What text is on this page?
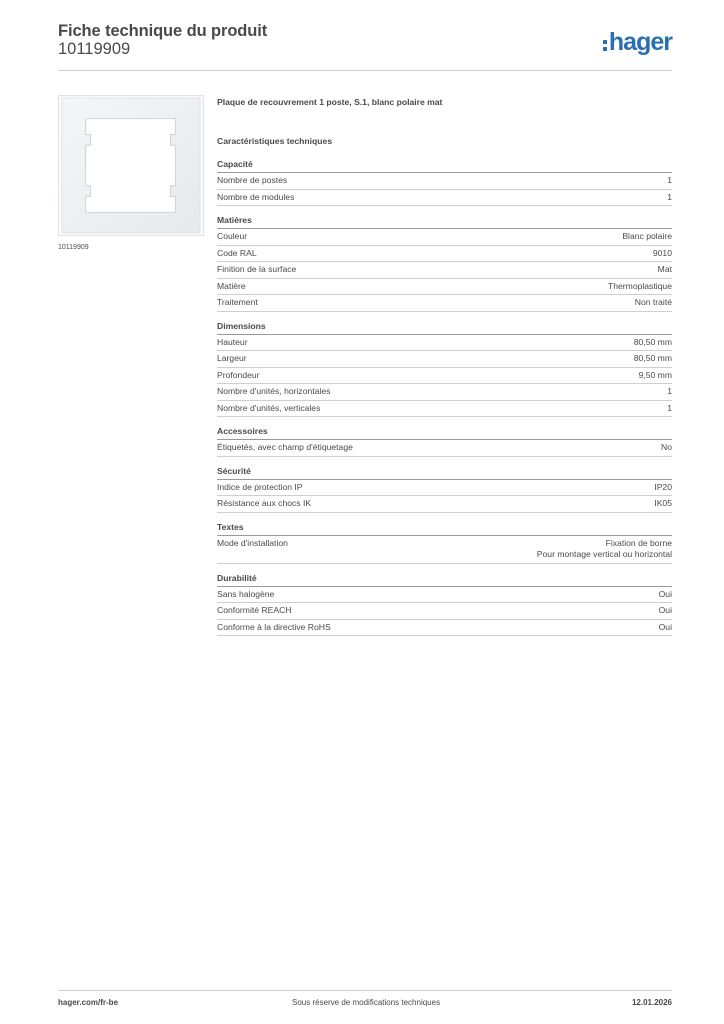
Fiche technique du produit
10119909	hager
10119909
Plaque de recouvrement 1 poste, S.1, blanc polaire mat
Caractéristiques techniques
Capacité
Nombre de postes	1
Nombre de modules	1
Matières
Couleur	Blanc polaire
Code RAL	9010
Finition de la surface	Mat
Matière	Thermoplastique
Traitement	Non traité
Dimensions
Hauteur	80,50 mm
Largeur	80,50 mm
Profondeur	9,50 mm
Nombre d'unités, horizontales	1
Nombre d'unités, verticales	1
Accessoires
Étiquetés, avec champ d'étiquetage	No
Sécurité
Indice de protection IP	IP20
Résistance aux chocs IK	IK05
Textes
Mode d'installation	Fixation de borne
Pour montage vertical ou horizontal
Durabilité
Sans halogène	Oui
Conformité REACH	Oui
Conforme à la directive RoHS	Oui
hager.com/fr-be	Sous réserve de modifications techniques	12.01.2026
